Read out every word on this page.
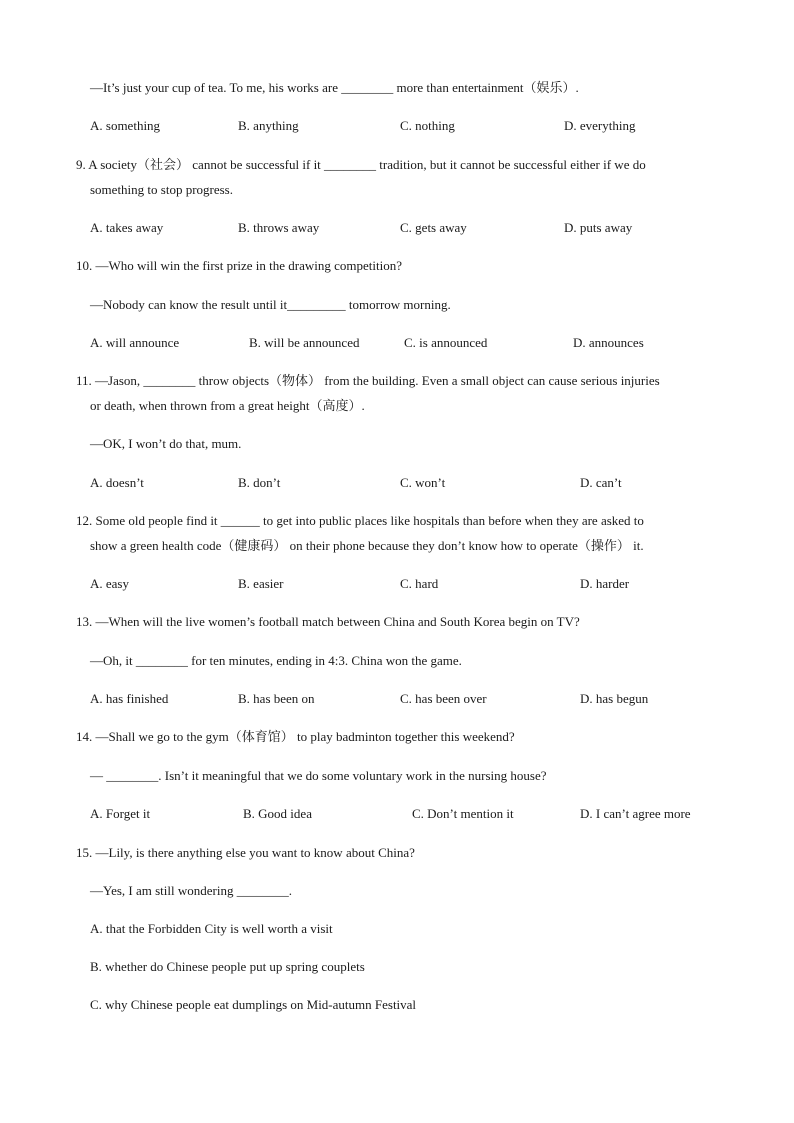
—It’s just your cup of tea. To me, his works are ________ more than entertainment（娱乐）.
A. something	B. anything	C. nothing	D. everything
9. A society（社会） cannot be successful if it ________ tradition, but it cannot be successful either if we do
something to stop progress.
A. takes away	B. throws away	C. gets away	D. puts away
10. —Who will win the first prize in the drawing competition?
—Nobody can know the result until it_________ tomorrow morning.
A. will announce	B. will be announced	C. is announced	D. announces
11. —Jason, ________ throw objects（物体） from the building. Even a small object can cause serious injuries
or death, when thrown from a great height（高度）.
—OK, I won’t do that, mum.
A. doesn’t	B. don’t	C. won’t	D. can’t
12. Some old people find it ______ to get into public places like hospitals than before when they are asked to
show a green health code（健康码） on their phone because they don’t know how to operate（操作） it.
A. easy	B. easier	C. hard	D. harder
13. —When will the live women’s football match between China and South Korea begin on TV?
—Oh, it ________ for ten minutes, ending in 4:3. China won the game.
A. has finished	B. has been on	C. has been over	D. has begun
14. —Shall we go to the gym（体育馆） to play badminton together this weekend?
— ________. Isn’t it meaningful that we do some voluntary work in the nursing house?
A. Forget it	B. Good idea	C. Don’t mention it	D. I can’t agree more
15. —Lily, is there anything else you want to know about China?
—Yes, I am still wondering ________.
A. that the Forbidden City is well worth a visit
B. whether do Chinese people put up spring couplets
C. why Chinese people eat dumplings on Mid-autumn Festival
